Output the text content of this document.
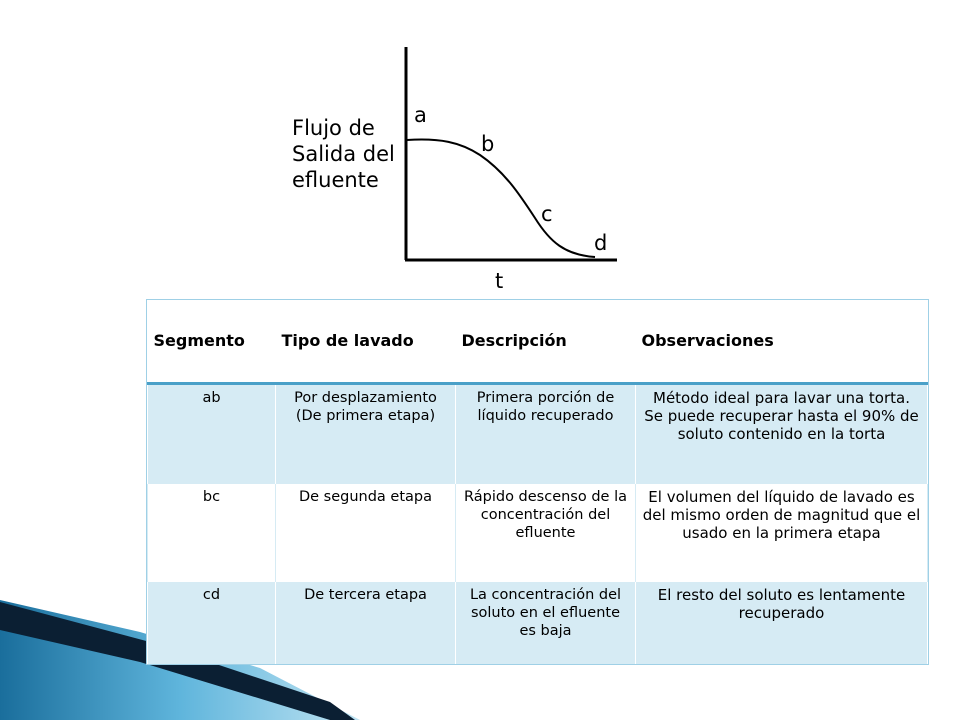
Flujo de
Salida del
efluente
a
b
c
d
t
Segmento	Tipo de lavado	Descripción	Observaciones
ab	Por desplazamiento (De primera etapa)	Primera porción de líquido recuperado	Método ideal para lavar una torta. Se puede recuperar hasta el 90% de soluto contenido en la torta
bc	De segunda etapa	Rápido descenso de la concentración del efluente	El volumen del líquido de lavado es del mismo orden de magnitud que el usado en la primera etapa
cd	De tercera etapa	La concentración del soluto en el efluente es baja	El resto del soluto es lentamente recuperado
